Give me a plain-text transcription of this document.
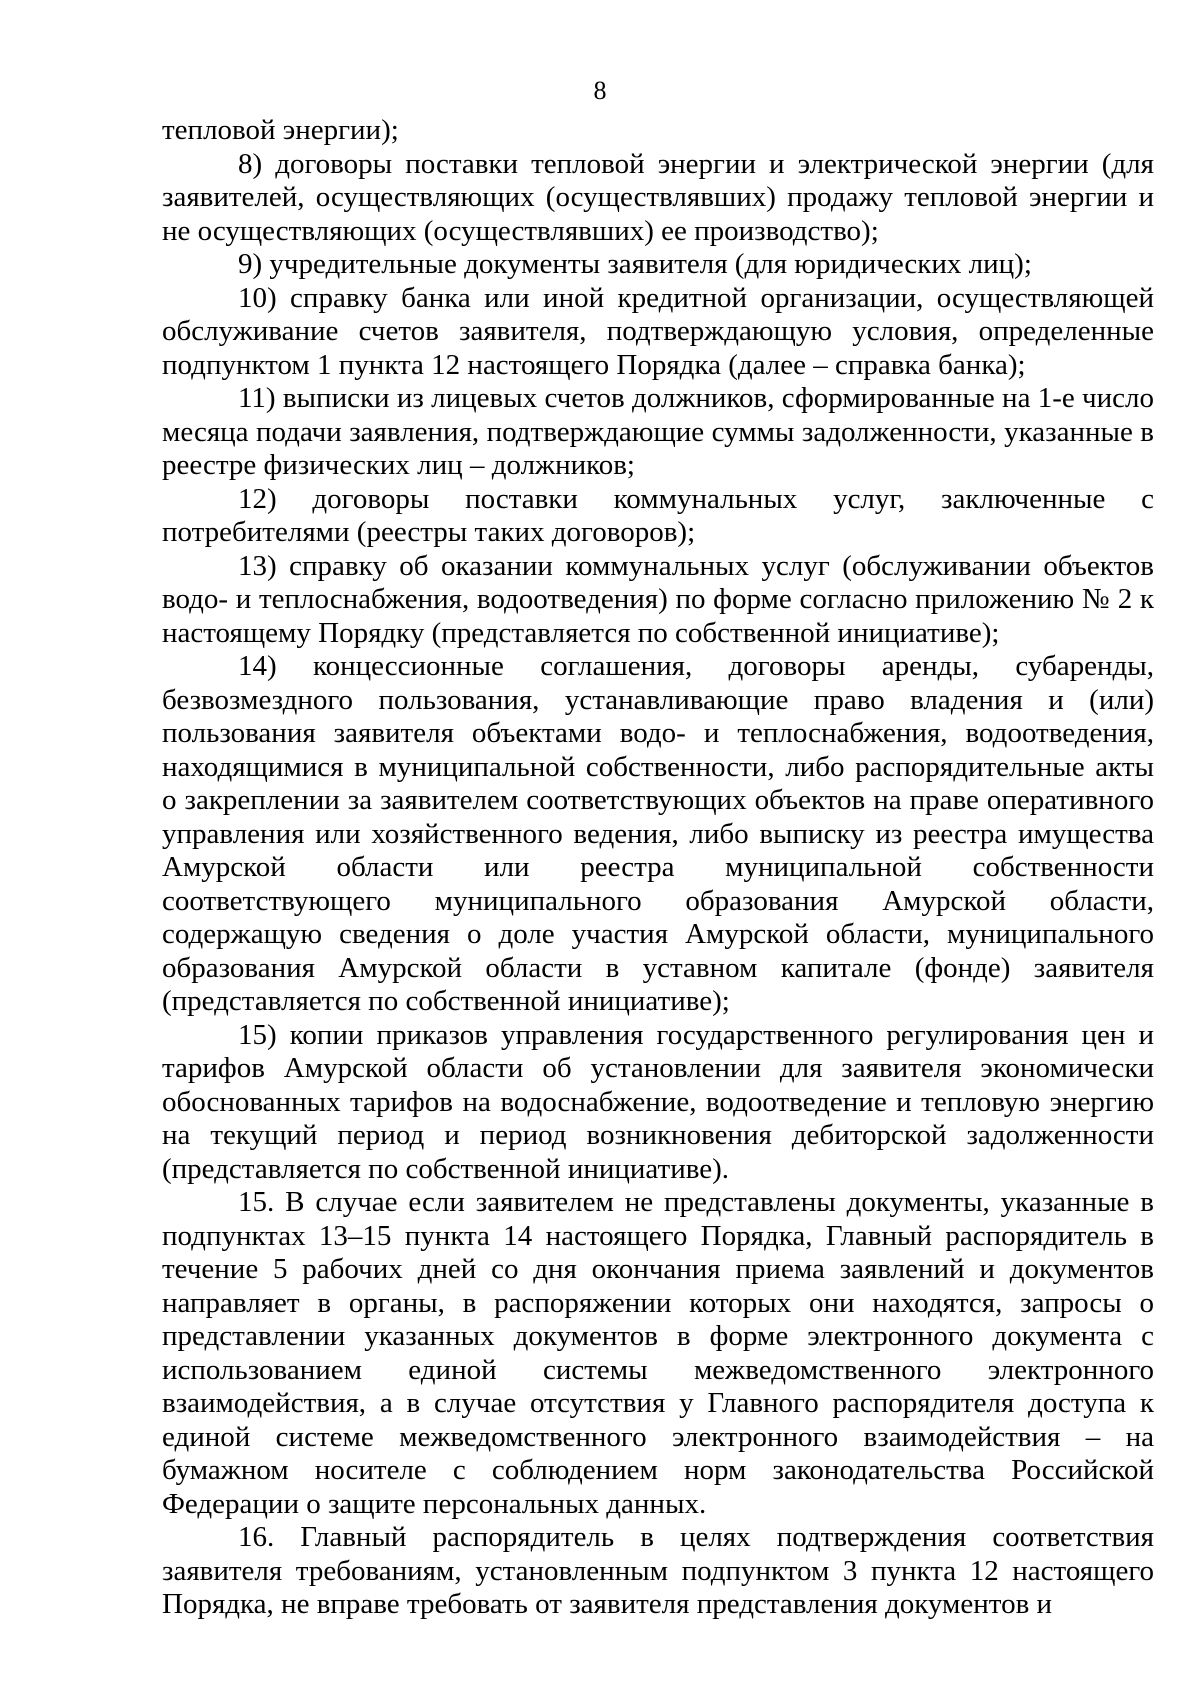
8

тепловой энергии);

8) договоры поставки тепловой энергии и электрической энергии (для заявителей, осуществляющих (осуществлявших) продажу тепловой энергии и не осуществляющих (осуществлявших) ее производство);

9) учредительные документы заявителя (для юридических лиц);

10) справку банка или иной кредитной организации, осуществляющей обслуживание счетов заявителя, подтверждающую условия, определенные подпунктом 1 пункта 12 настоящего Порядка (далее – справка банка);

11) выписки из лицевых счетов должников, сформированные на 1-е число месяца подачи заявления, подтверждающие суммы задолженности, указанные в реестре физических лиц – должников;

12) договоры поставки коммунальных услуг, заключенные с потребителями (реестры таких договоров);

13) справку об оказании коммунальных услуг (обслуживании объектов водо- и теплоснабжения, водоотведения) по форме согласно приложению № 2 к настоящему Порядку (представляется по собственной инициативе);

14) концессионные соглашения, договоры аренды, субаренды, безвозмездного пользования, устанавливающие право владения и (или) пользования заявителя объектами водо- и теплоснабжения, водоотведения, находящимися в муниципальной собственности, либо распорядительные акты о закреплении за заявителем соответствующих объектов на праве оперативного управления или хозяйственного ведения, либо выписку из реестра имущества Амурской области или реестра муниципальной собственности соответствующего муниципального образования Амурской области, содержащую сведения о доле участия Амурской области, муниципального образования Амурской области в уставном капитале (фонде) заявителя (представляется по собственной инициативе);

15) копии приказов управления государственного регулирования цен и тарифов Амурской области об установлении для заявителя экономически обоснованных тарифов на водоснабжение, водоотведение и тепловую энергию на текущий период и период возникновения дебиторской задолженности (представляется по собственной инициативе).

15. В случае если заявителем не представлены документы, указанные в подпунктах 13–15 пункта 14 настоящего Порядка, Главный распорядитель в течение 5 рабочих дней со дня окончания приема заявлений и документов направляет в органы, в распоряжении которых они находятся, запросы о представлении указанных документов в форме электронного документа с использованием единой системы межведомственного электронного взаимодействия, а в случае отсутствия у Главного распорядителя доступа к единой системе межведомственного электронного взаимодействия – на бумажном носителе с соблюдением норм законодательства Российской Федерации о защите персональных данных.

16. Главный распорядитель в целях подтверждения соответствия заявителя требованиям, установленным подпунктом 3 пункта 12 настоящего Порядка, не вправе требовать от заявителя представления документов и
